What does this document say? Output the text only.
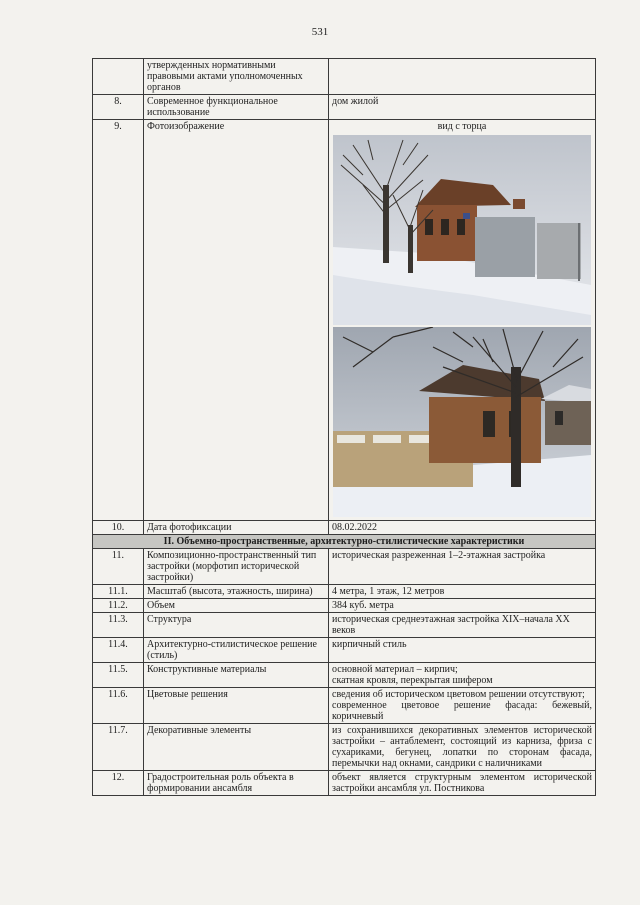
531
	утвержденных нормативными правовыми актами уполномоченных органов	
8.	Современное функциональное использование	дом жилой
9.	Фотоизображение	вид с торца

10.	Дата фотофиксации	08.02.2022
II. Объемно-пространственные, архитектурно-стилистические характеристики		
11.	Композиционно-пространственный тип застройки (морфотип исторической застройки)	историческая разреженная 1–2-этажная застройка
11.1.	Масштаб (высота, этажность, ширина)	4 метра, 1 этаж, 12 метров
11.2.	Объем	384 куб. метра
11.3.	Структура	историческая среднеэтажная застройка XIX–начала XX веков
11.4.	Архитектурно-стилистическое решение (стиль)	кирпичный стиль
11.5.	Конструктивные материалы	основной материал – кирпич;
скатная кровля, перекрытая шифером

11.6.	Цветовые решения	сведения об историческом цветовом решении отсутствуют;
современное цветовое решение фасада: бежевый, коричневый

11.7.	Декоративные элементы	из сохранившихся декоративных элементов исторической застройки – антаблемент, состоящий из карниза, фриза с сухариками, бегунец, лопатки по сторонам фасада, перемычки над окнами, сандрики с наличниками
12.	Градостроительная роль объекта в формировании ансамбля	объект является структурным элементом исторической застройки ансамбля ул. Постникова
